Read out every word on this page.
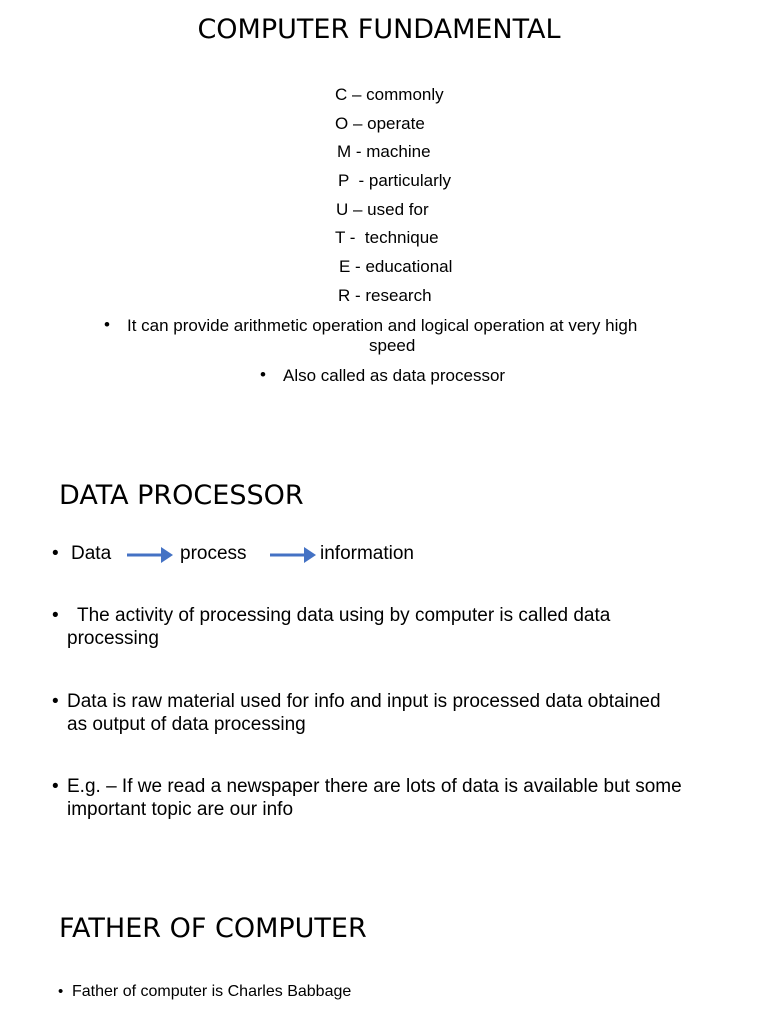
COMPUTER FUNDAMENTAL
C – commonly
O – operate
M - machine
P  - particularly
U – used for
T -  technique
E - educational
R - research
• It can provide arithmetic operation and logical operation at very high
speed
• Also called as data processor
DATA PROCESSOR
• Data	process	information
• The activity of processing data using by computer is called data
processing
• Data is raw material used for info and input is processed data obtained
as output of data processing
• E.g. – If we read a newspaper there are lots of data is available but some
important topic are our info
FATHER OF COMPUTER
• Father of computer is Charles Babbage
